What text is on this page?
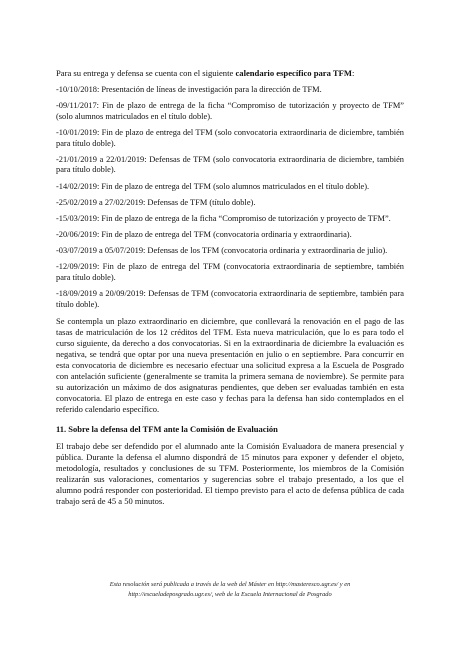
Para su entrega y defensa se cuenta con el siguiente calendario específico para TFM:

-10/10/2018: Presentación de líneas de investigación para la dirección de TFM.

-09/11/2017: Fin de plazo de entrega de la ficha “Compromiso de tutorización y proyecto de TFM” (solo alumnos matriculados en el título doble).

-10/01/2019: Fin de plazo de entrega del TFM (solo convocatoria extraordinaria de diciembre, también para título doble).

-21/01/2019 a 22/01/2019: Defensas de TFM (solo convocatoria extraordinaria de diciembre, también para título doble).

-14/02/2019: Fin de plazo de entrega del TFM (solo alumnos matriculados en el título doble).

-25/02/2019 a 27/02/2019: Defensas de TFM (título doble).

-15/03/2019: Fin de plazo de entrega de la ficha “Compromiso de tutorización y proyecto de TFM”.

-20/06/2019: Fin de plazo de entrega del TFM (convocatoria ordinaria y extraordinaria).

-03/07/2019 a 05/07/2019: Defensas de los TFM (convocatoria ordinaria y extraordinaria de julio).

-12/09/2019: Fin de plazo de entrega del TFM (convocatoria extraordinaria de septiembre, también para título doble).

-18/09/2019 a 20/09/2019: Defensas de TFM (convocatoria extraordinaria de septiembre, también para título doble).

Se contempla un plazo extraordinario en diciembre, que conllevará la renovación en el pago de las tasas de matriculación de los 12 créditos del TFM. Esta nueva matriculación, que lo es para todo el curso siguiente, da derecho a dos convocatorias. Si en la extraordinaria de diciembre la evaluación es negativa, se tendrá que optar por una nueva presentación en julio o en septiembre. Para concurrir en esta convocatoria de diciembre es necesario efectuar una solicitud expresa a la Escuela de Posgrado con antelación suficiente (generalmente se tramita la primera semana de noviembre). Se permite para su autorización un máximo de dos asignaturas pendientes, que deben ser evaluadas también en esta convocatoria. El plazo de entrega en este caso y fechas para la defensa han sido contemplados en el referido calendario específico.

11. Sobre la defensa del TFM ante la Comisión de Evaluación

El trabajo debe ser defendido por el alumnado ante la Comisión Evaluadora de manera presencial y pública. Durante la defensa el alumno dispondrá de 15 minutos para exponer y defender el objeto, metodología, resultados y conclusiones de su TFM. Posteriormente, los miembros de la Comisión realizarán sus valoraciones, comentarios y sugerencias sobre el trabajo presentado, a los que el alumno podrá responder con posterioridad. El tiempo previsto para el acto de defensa pública de cada trabajo será de 45 a 50 minutos.

Esta resolución será publicada a través de la web del Máster en http://masteresco.ugr.es/ y en
http://escueladeposgrado.ugr.es/, web de la Escuela Internacional de Posgrado
